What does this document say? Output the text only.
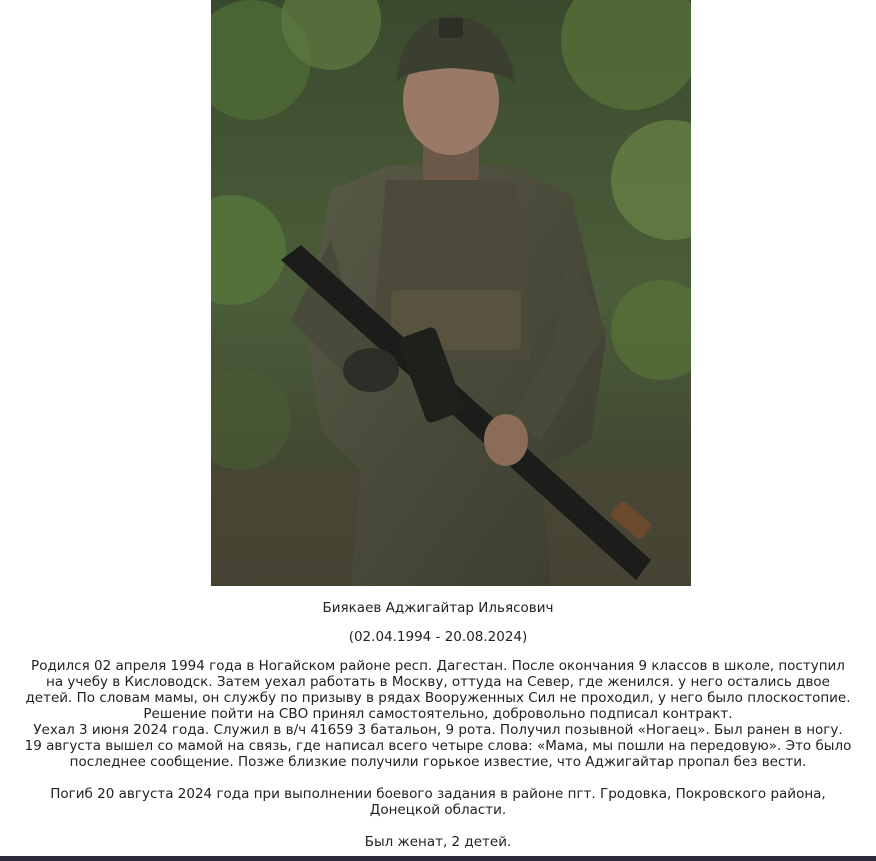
Биякаев Аджигайтар Ильясович
(02.04.1994 - 20.08.2024)

Родился 02 апреля 1994 года в Ногайском районе респ. Дагестан. После окончания 9 классов в школе, поступил на учебу в Кисловодск. Затем уехал работать в Москву, оттуда на Север, где женился. у него остались двое детей. По словам мамы, он службу по призыву в рядах Вооруженных Сил не проходил, у него было плоскостопие. Решение пойти на СВО принял самостоятельно, добровольно подписал контракт.

Уехал 3 июня 2024 года. Служил в в/ч 41659 3 батальон, 9 рота. Получил позывной «Ногаец». Был ранен в ногу. 19 августа вышел со мамой на связь, где написал всего четыре слова: «Мама, мы пошли на передовую». Это было последнее сообщение. Позже близкие получили горькое известие, что Аджигайтар пропал без вести.

Погиб 20 августа 2024 года при выполнении боевого задания в районе пгт. Гродовка, Покровского района, Донецкой области.

Был женат, 2 детей.
